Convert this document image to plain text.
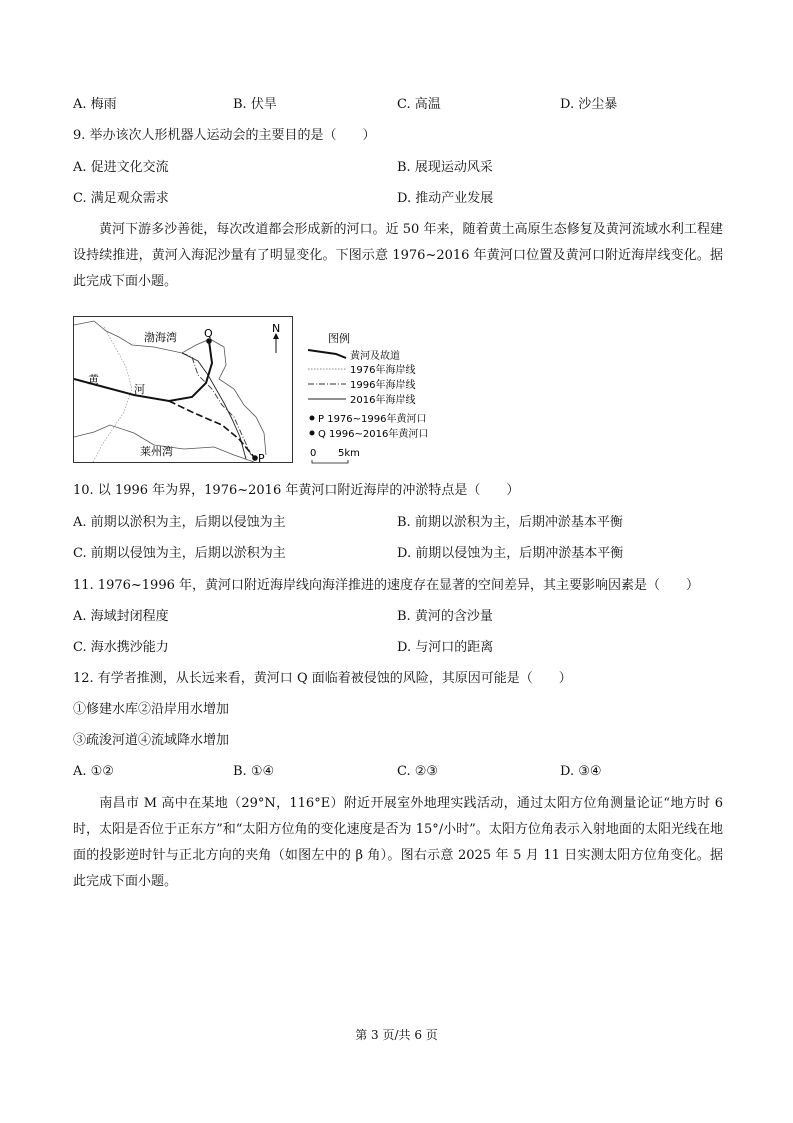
A. 梅雨	B. 伏旱	C. 高温	D. 沙尘暴
9. 举办该次人形机器人运动会的主要目的是（　　）
A. 促进文化交流	B. 展现运动风采
C. 满足观众需求	D. 推动产业发展
黄河下游多沙善徙，每次改道都会形成新的河口。近 50 年来，随着黄土高原生态修复及黄河流域水利工程建设持续推进，黄河入海泥沙量有了明显变化。下图示意 1976~2016 年黄河口位置及黄河口附近海岸线变化。据此完成下面小题。
渤海湾 Q	N
黄
河
莱州湾
P
图例
黄河及故道
1976年海岸线
1996年海岸线
2016年海岸线
P 1976~1996年黄河口
Q 1996~2016年黄河口
0 5km
10. 以 1996 年为界，1976~2016 年黄河口附近海岸的冲淤特点是（　　）
A. 前期以淤积为主，后期以侵蚀为主	B. 前期以淤积为主，后期冲淤基本平衡
C. 前期以侵蚀为主，后期以淤积为主	D. 前期以侵蚀为主，后期冲淤基本平衡
11. 1976~1996 年，黄河口附近海岸线向海洋推进的速度存在显著的空间差异，其主要影响因素是（　　）
A. 海域封闭程度	B. 黄河的含沙量
C. 海水携沙能力	D. 与河口的距离
12. 有学者推测，从长远来看，黄河口 Q 面临着被侵蚀的风险，其原因可能是（　　）
①修建水库②沿岸用水增加
③疏浚河道④流域降水增加
A. ①②	B. ①④	C. ②③	D. ③④
南昌市 M 高中在某地（29°N，116°E）附近开展室外地理实践活动，通过太阳方位角测量论证“地方时 6 时，太阳是否位于正东方”和“太阳方位角的变化速度是否为 15°/小时”。太阳方位角表示入射地面的太阳光线在地面的投影逆时针与正北方向的夹角（如图左中的 β 角）。图右示意 2025 年 5 月 11 日实测太阳方位角变化。据此完成下面小题。
第 3 页/共 6 页
